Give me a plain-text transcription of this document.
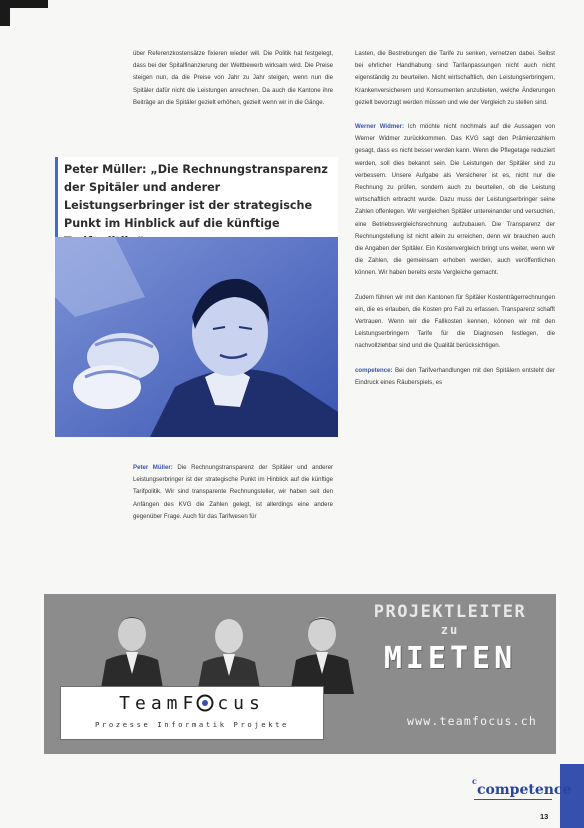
über Referenzkostensätze fixieren wieder will. Die Politik hat festgelegt, dass bei der Spitalfinanzierung der Wettbewerb wirksam wird. Die Preise steigen nun, da die Preise von Jahr zu Jahr steigen, wenn nun die Spitäler dafür nicht die Leistungen anrechnen. Da auch die Kantone ihre Beiträge an die Spitäler gezielt erhöhen, gezielt wenn wir in die Gänge.

Peter Müller: „Die Rechnungstransparenz der Spitäler und anderer Leistungserbringer ist der strategische Punkt im Hinblick auf die künftige

Peter Müller: Die Rechnungstransparenz der Spitäler und anderer Leistungserbringer ist der strategische Punkt im Hinblick auf die künftige Tarifpolitik. Wir sind transparente Rechnungsteller, wir haben seit den Anfängen des KVG die Zahlen gelegt, ist allerdings eine andere gegenüber Frage. Auch für das Tarifwesen für

Lasten, die Bestrebungen die Tarife zu senken, vernetzen dabei. Selbst bei ehrlicher Handhabung sind Tarifanpassungen nicht auch nicht eigenständig zu beurteilen. Nicht wirtschaftlich, den Leistungserbringern, Krankenversicherern und Konsumenten anzubieten, welche Änderungen gezielt bevorzugt werden müssen und wie der Vergleich zu stellen sind.

Werner Widmer: Ich möchte nicht nochmals auf die Aussagen von Werner Widmer zurückkommen. Das KVG sagt den Prämienzahlern gesagt, dass es nicht besser werden kann. Wenn die Pflegetage reduziert werden, soll dies bekannt sein. Die Leistungen der Spitäler sind zu verbessern. Unsere Aufgabe als Versicherer ist es, nicht nur die Rechnung zu prüfen, sondern auch zu beurteilen, ob die Leistung wirtschaftlich erbracht wurde. Dazu muss der Leistungserbringer seine Zahlen offenlegen. Wir vergleichen Spitäler untereinander und versuchen, eine Betriebsvergleichsrechnung aufzubauen. Die Transparenz der Rechnungstellung ist nicht allein zu erreichen, denn wir brauchen auch die Angaben der Spitäler. Ein Kostenvergleich bringt uns weiter, wenn wir die Zahlen, die gemeinsam erhoben werden, auch veröffentlichen können. Wir haben bereits erste Vergleiche gemacht.

Zudem führen wir mit den Kantonen für Spitäler Kostenträgerrechnungen ein, die es erlauben, die Kosten pro Fall zu erfassen. Transparenz schafft Vertrauen. Wenn wir die Fallkosten kennen, können wir mit den Leistungserbringern Tarife für die Diagnosen festlegen, die nachvollziehbar sind und die Qualität berücksichtigen.

competence: Bei den Tarifverhandlungen mit den Spitälern entsteht der Eindruck eines Räuberspiels, es

PROJEKTLEITER
zu
MIETEN
TeamF cus
Prozesse Informatik Projekte	www.teamfocus.ch
c
competence
13
